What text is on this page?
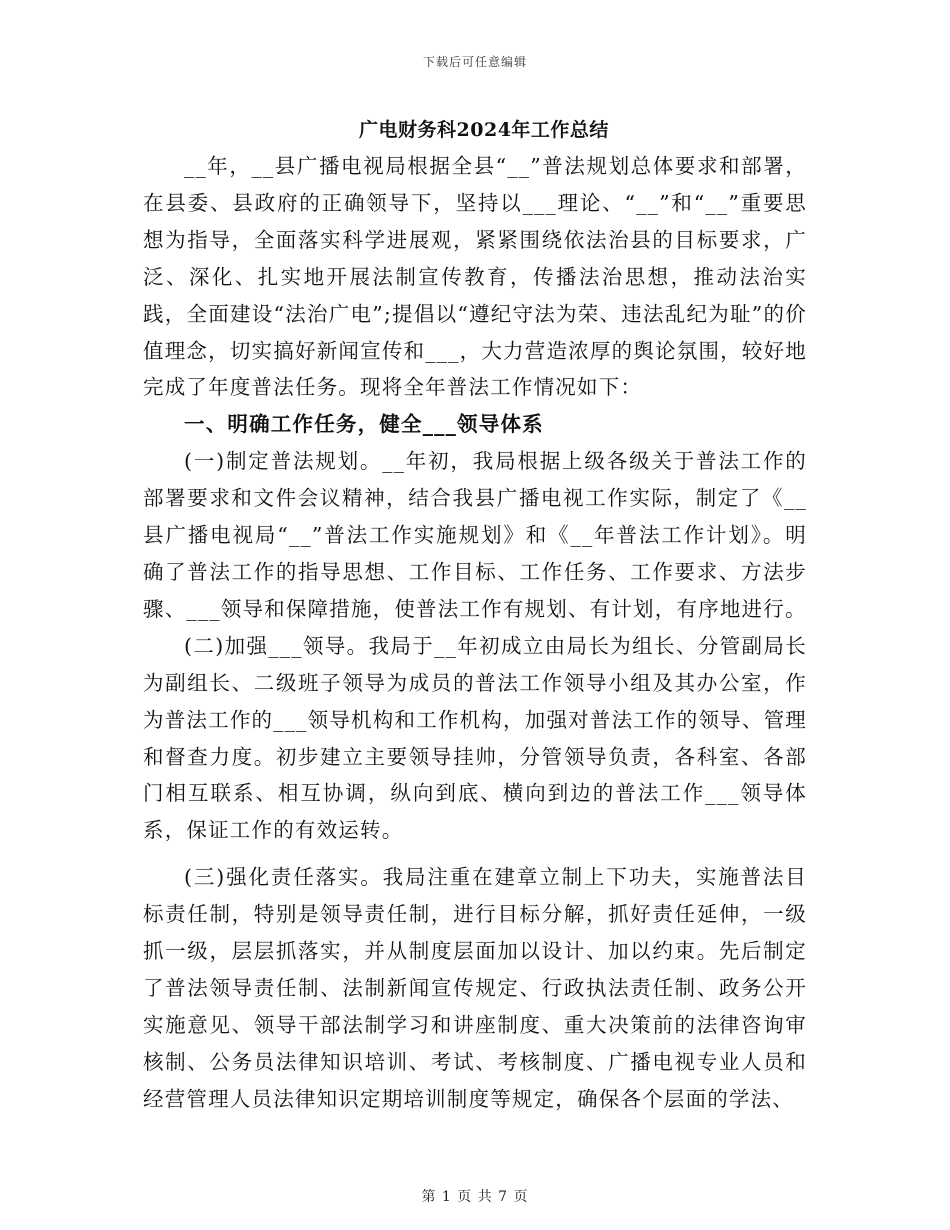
下载后可任意编辑
广电财务科2024年工作总结

__年，__县广播电视局根据全县“__”普法规划总体要求和部署，在县委、县政府的正确领导下，坚持以___理论、“__”和“__”重要思想为指导，全面落实科学进展观，紧紧围绕依法治县的目标要求，广泛、深化、扎实地开展法制宣传教育，传播法治思想，推动法治实践，全面建设“法治广电”;提倡以“遵纪守法为荣、违法乱纪为耻”的价值理念，切实搞好新闻宣传和___，大力营造浓厚的舆论氛围，较好地完成了年度普法任务。现将全年普法工作情况如下：

一、明确工作任务，健全___领导体系

(一)制定普法规划。__年初，我局根据上级各级关于普法工作的部署要求和文件会议精神，结合我县广播电视工作实际，制定了《__县广播电视局“__”普法工作实施规划》和《__年普法工作计划》。明确了普法工作的指导思想、工作目标、工作任务、工作要求、方法步骤、___领导和保障措施，使普法工作有规划、有计划，有序地进行。

(二)加强___领导。我局于__年初成立由局长为组长、分管副局长为副组长、二级班子领导为成员的普法工作领导小组及其办公室，作为普法工作的___领导机构和工作机构，加强对普法工作的领导、管理和督查力度。初步建立主要领导挂帅，分管领导负责，各科室、各部门相互联系、相互协调，纵向到底、横向到边的普法工作___领导体系，保证工作的有效运转。

(三)强化责任落实。我局注重在建章立制上下功夫，实施普法目标责任制，特别是领导责任制，进行目标分解，抓好责任延伸，一级抓一级，层层抓落实，并从制度层面加以设计、加以约束。先后制定了普法领导责任制、法制新闻宣传规定、行政执法责任制、政务公开实施意见、领导干部法制学习和讲座制度、重大决策前的法律咨询审核制、公务员法律知识培训、考试、考核制度、广播电视专业人员和经营管理人员法律知识定期培训制度等规定，确保各个层面的学法、

第 1 页 共 7 页
